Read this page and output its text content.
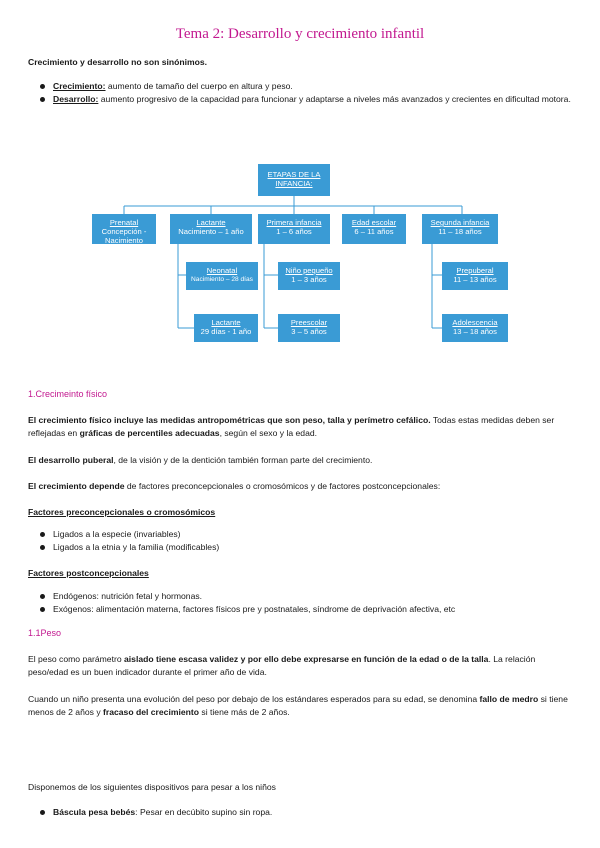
Tema 2: Desarrollo y crecimiento infantil
Crecimiento y desarrollo no son sinónimos.
Crecimiento: aumento de tamaño del cuerpo en altura y peso.
Desarrollo: aumento progresivo de la capacidad para funcionar y adaptarse a niveles más avanzados y crecientes en dificultad motora.
ETAPAS DE LA INFANCIA:
Prenatal
Concepción - Nacimiento
Lactante
Nacimiento – 1 año
Primera infancia
1 – 6 años
Edad escolar
6 – 11 años
Segunda infancia
11 – 18 años
Neonatal
Nacimiento – 28 días
Lactante
29 días - 1 año
Niño pequeño
1 – 3 años
Preescolar
3 – 5 años
Prepuberal
11 – 13 años
Adolescencia
13 – 18 años
1.Crecimeinto físico
El crecimiento físico incluye las medidas antropométricas que son peso, talla y perímetro cefálico. Todas estas medidas deben ser reflejadas en gráficas de percentiles adecuadas, según el sexo y la edad.
El desarrollo puberal, de la visión y de la dentición también forman parte del crecimiento.
El crecimiento depende de factores preconcepcionales o cromosómicos y de factores postconcepcionales:
Factores preconcepcionales o cromosómicos
Ligados a la especie (invariables)
Ligados a la etnia y la familia (modificables)
Factores postconcepcionales
Endógenos: nutrición fetal y hormonas.
Exógenos: alimentación materna, factores físicos pre y postnatales, síndrome de deprivación afectiva, etc
1.1Peso
El peso como parámetro aislado tiene escasa validez y por ello debe expresarse en función de la edad o de la talla. La relación peso/edad es un buen indicador durante el primer año de vida.
Cuando un niño presenta una evolución del peso por debajo de los estándares esperados para su edad, se denomina fallo de medro si tiene menos de 2 años y fracaso del crecimiento si tiene más de 2 años.
Disponemos de los siguientes dispositivos para pesar a los niños
Báscula pesa bebés: Pesar en decúbito supino sin ropa.
